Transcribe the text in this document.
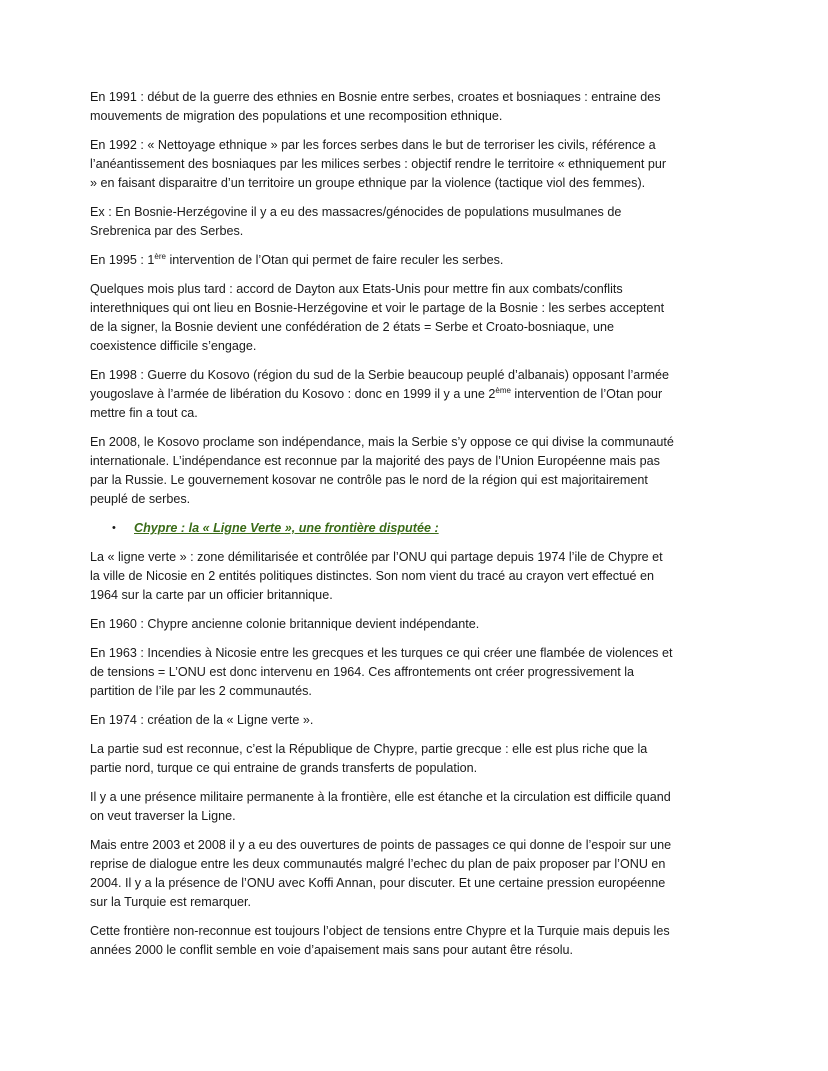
En 1991 : début de la guerre des ethnies en Bosnie entre serbes, croates et bosniaques : entraine des mouvements de migration des populations et une recomposition ethnique.

En 1992 : « Nettoyage ethnique » par les forces serbes dans le but de terroriser les civils, référence a l’anéantissement des bosniaques par les milices serbes : objectif rendre le territoire « ethniquement pur » en faisant disparaitre d’un territoire un groupe ethnique par la violence (tactique viol des femmes).

Ex : En Bosnie-Herzégovine il y a eu des massacres/génocides de populations musulmanes de Srebrenica par des Serbes.

En 1995 : 1ère intervention de l’Otan qui permet de faire reculer les serbes.

Quelques mois plus tard : accord de Dayton aux Etats-Unis pour mettre fin aux combats/conflits interethniques qui ont lieu en Bosnie-Herzégovine et voir le partage de la Bosnie : les serbes acceptent de la signer, la Bosnie devient une confédération de 2 états = Serbe et Croato-bosniaque, une coexistence difficile s’engage.

En 1998 : Guerre du Kosovo (région du sud de la Serbie beaucoup peuplé d’albanais) opposant l’armée yougoslave à l’armée de libération du Kosovo : donc en 1999 il y a une 2ème intervention de l’Otan pour mettre fin a tout ca.

En 2008, le Kosovo proclame son indépendance, mais la Serbie s’y oppose ce qui divise la communauté internationale. L’indépendance est reconnue par la majorité des pays de l’Union Européenne mais pas par la Russie. Le gouvernement kosovar ne contrôle pas le nord de la région qui est majoritairement peuplé de serbes.

• Chypre : la « Ligne Verte », une frontière disputée :

La « ligne verte » : zone démilitarisée et contrôlée par l’ONU qui partage depuis 1974 l’ile de Chypre et la ville de Nicosie en 2 entités politiques distinctes. Son nom vient du tracé au crayon vert effectué en 1964 sur la carte par un officier britannique.

En 1960 : Chypre ancienne colonie britannique devient indépendante.

En 1963 : Incendies à Nicosie entre les grecques et les turques ce qui créer une flambée de violences et de tensions = L’ONU est donc intervenu en 1964. Ces affrontements ont créer progressivement la partition de l’ile par les 2 communautés.

En 1974 : création de la « Ligne verte ».

La partie sud est reconnue, c’est la République de Chypre, partie grecque : elle est plus riche que la partie nord, turque ce qui entraine de grands transferts de population.

Il y a une présence militaire permanente à la frontière, elle est étanche et la circulation est difficile quand on veut traverser la Ligne.

Mais entre 2003 et 2008 il y a eu des ouvertures de points de passages ce qui donne de l’espoir sur une reprise de dialogue entre les deux communautés malgré l’echec du plan de paix proposer par l’ONU en 2004. Il y a la présence de l’ONU avec Koffi Annan, pour discuter. Et une certaine pression européenne sur la Turquie est remarquer.

Cette frontière non-reconnue est toujours l’object de tensions entre Chypre et la Turquie mais depuis les années 2000 le conflit semble en voie d’apaisement mais sans pour autant être résolu.
